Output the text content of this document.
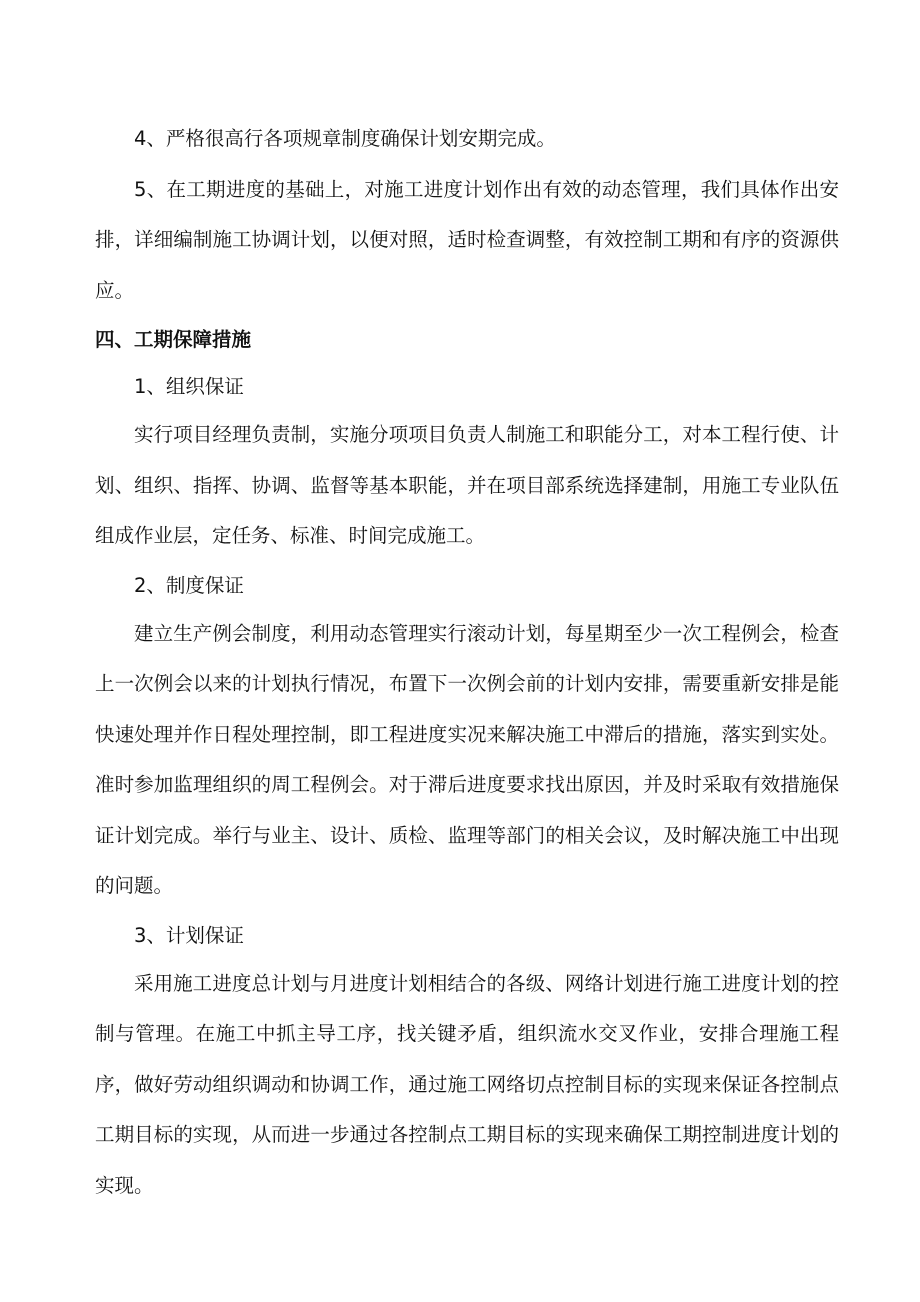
4、严格很高行各项规章制度确保计划安期完成。

5、在工期进度的基础上，对施工进度计划作出有效的动态管理，我们具体作出安排，详细编制施工协调计划，以便对照，适时检查调整，有效控制工期和有序的资源供应。

四、工期保障措施

1、组织保证

实行项目经理负责制，实施分项项目负责人制施工和职能分工，对本工程行使、计划、组织、指挥、协调、监督等基本职能，并在项目部系统选择建制，用施工专业队伍组成作业层，定任务、标准、时间完成施工。

2、制度保证

建立生产例会制度，利用动态管理实行滚动计划，每星期至少一次工程例会，检查上一次例会以来的计划执行情况，布置下一次例会前的计划内安排，需要重新安排是能快速处理并作日程处理控制，即工程进度实况来解决施工中滞后的措施，落实到实处。准时参加监理组织的周工程例会。对于滞后进度要求找出原因，并及时采取有效措施保证计划完成。举行与业主、设计、质检、监理等部门的相关会议，及时解决施工中出现的问题。

3、计划保证

采用施工进度总计划与月进度计划相结合的各级、网络计划进行施工进度计划的控制与管理。在施工中抓主导工序，找关键矛盾，组织流水交叉作业，安排合理施工程序，做好劳动组织调动和协调工作，通过施工网络切点控制目标的实现来保证各控制点工期目标的实现，从而进一步通过各控制点工期目标的实现来确保工期控制进度计划的实现。
